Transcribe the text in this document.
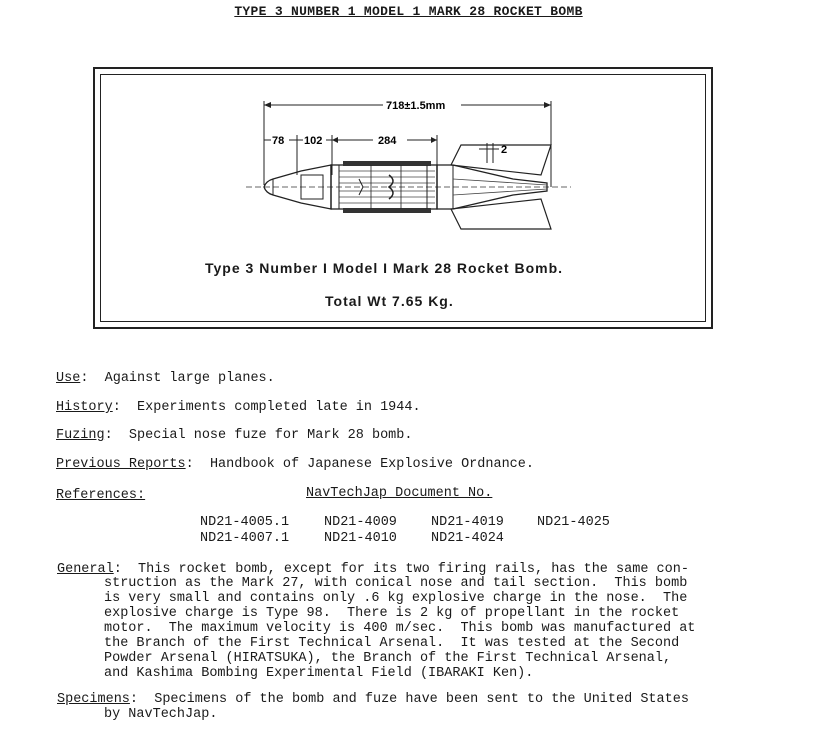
TYPE 3 NUMBER 1 MODEL 1 MARK 28 ROCKET BOMB
718±1.5mm
78 102	284
2
Type 3 Number I Model I Mark 28 Rocket Bomb.
Total Wt 7.65 Kg.
Use:  Against large planes.
History:  Experiments completed late in 1944.
Fuzing:  Special nose fuze for Mark 28 bomb.
Previous Reports:  Handbook of Japanese Explosive Ordnance.
References:	NavTechJap Document No.
ND21-4005.1	ND21-4009	ND21-4019 ND21-4025
ND21-4007.1	ND21-4010	ND21-4024
General:  This rocket bomb, except for its two firing rails, has the same con-
struction as the Mark 27, with conical nose and tail section.  This bomb
is very small and contains only .6 kg explosive charge in the nose.  The
explosive charge is Type 98.  There is 2 kg of propellant in the rocket
motor.  The maximum velocity is 400 m/sec.  This bomb was manufactured at
the Branch of the First Technical Arsenal.  It was tested at the Second
Powder Arsenal (HIRATSUKA), the Branch of the First Technical Arsenal,
and Kashima Bombing Experimental Field (IBARAKI Ken).
Specimens:  Specimens of the bomb and fuze have been sent to the United States
by NavTechJap.
